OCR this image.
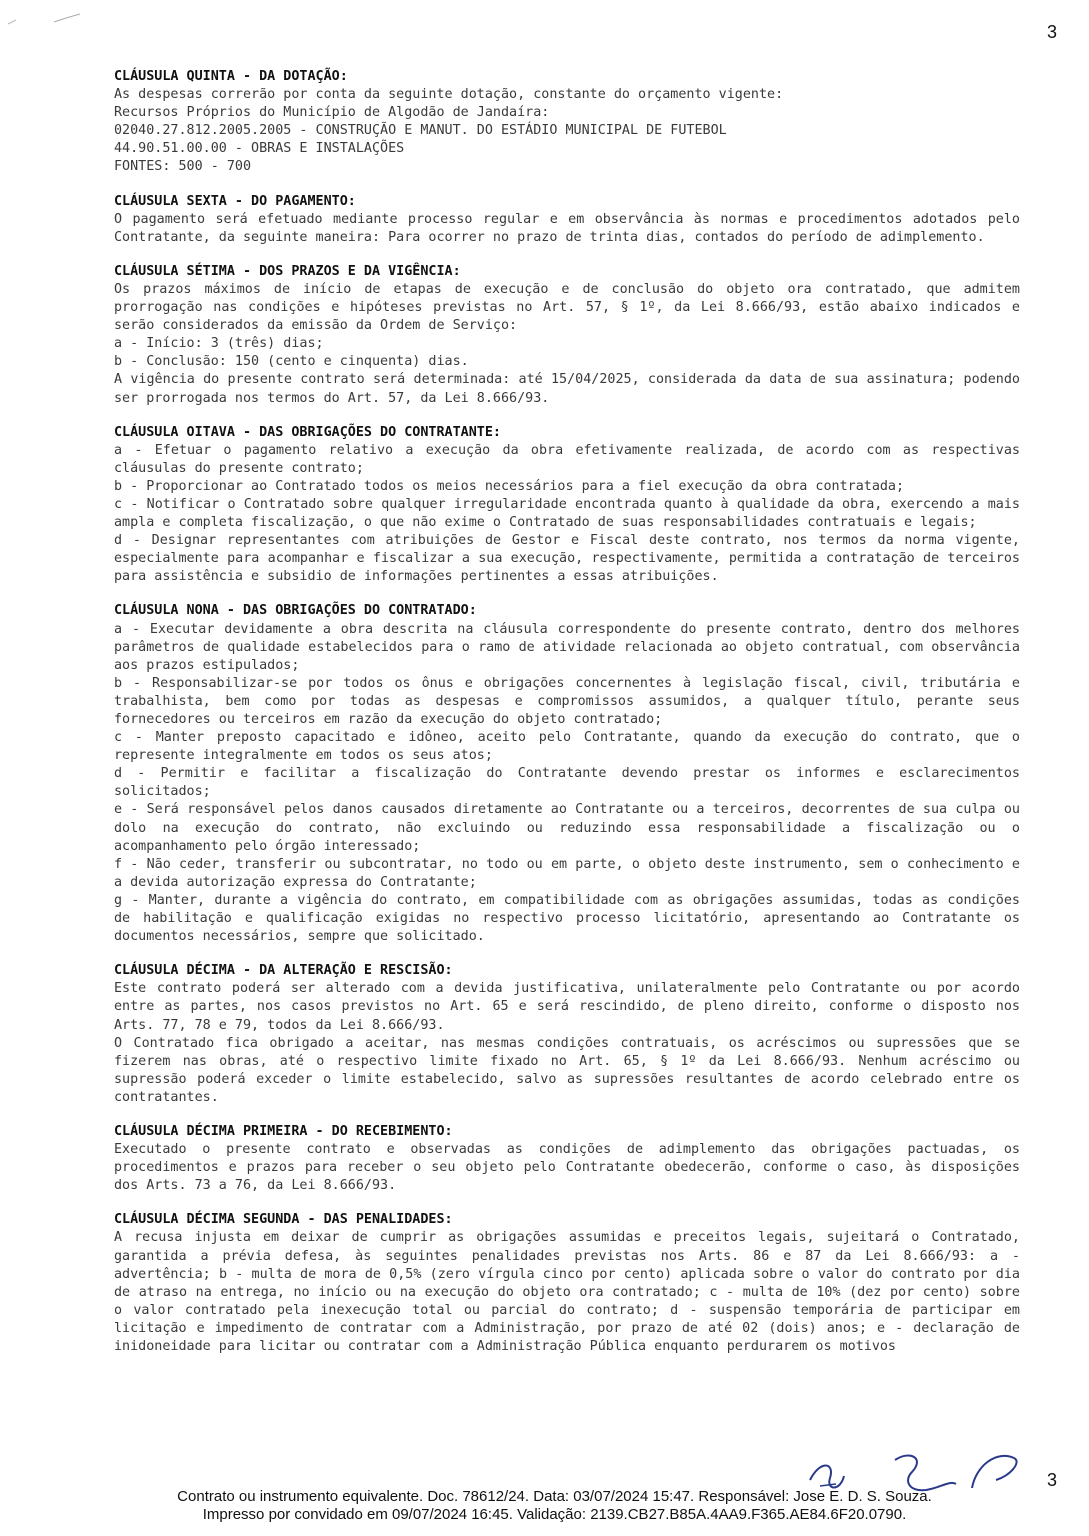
3
CLÁUSULA QUINTA - DA DOTAÇÃO:

As despesas correrão por conta da seguinte dotação, constante do orçamento vigente:

Recursos Próprios do Município de Algodão de Jandaíra:

02040.27.812.2005.2005 - CONSTRUÇÃO E MANUT. DO ESTÁDIO MUNICIPAL DE FUTEBOL

44.90.51.00.00 - OBRAS E INSTALAÇÕES

FONTES: 500 - 700

CLÁUSULA SEXTA - DO PAGAMENTO:

O pagamento será efetuado mediante processo regular e em observância às normas e procedimentos adotados pelo Contratante, da seguinte maneira: Para ocorrer no prazo de trinta dias, contados do período de adimplemento.

CLÁUSULA SÉTIMA - DOS PRAZOS E DA VIGÊNCIA:

Os prazos máximos de início de etapas de execução e de conclusão do objeto ora contratado, que admitem prorrogação nas condições e hipóteses previstas no Art. 57, § 1º, da Lei 8.666/93, estão abaixo indicados e serão considerados da emissão da Ordem de Serviço:

a - Início: 3 (três) dias;

b - Conclusão: 150 (cento e cinquenta) dias.

A vigência do presente contrato será determinada: até 15/04/2025, considerada da data de sua assinatura; podendo ser prorrogada nos termos do Art. 57, da Lei 8.666/93.

CLÁUSULA OITAVA - DAS OBRIGAÇÕES DO CONTRATANTE:

a - Efetuar o pagamento relativo a execução da obra efetivamente realizada, de acordo com as respectivas cláusulas do presente contrato;

b - Proporcionar ao Contratado todos os meios necessários para a fiel execução da obra contratada;

c - Notificar o Contratado sobre qualquer irregularidade encontrada quanto à qualidade da obra, exercendo a mais ampla e completa fiscalização, o que não exime o Contratado de suas responsabilidades contratuais e legais;

d - Designar representantes com atribuições de Gestor e Fiscal deste contrato, nos termos da norma vigente, especialmente para acompanhar e fiscalizar a sua execução, respectivamente, permitida a contratação de terceiros para assistência e subsidio de informações pertinentes a essas atribuições.

CLÁUSULA NONA - DAS OBRIGAÇÕES DO CONTRATADO:

a - Executar devidamente a obra descrita na cláusula correspondente do presente contrato, dentro dos melhores parâmetros de qualidade estabelecidos para o ramo de atividade relacionada ao objeto contratual, com observância aos prazos estipulados;

b - Responsabilizar-se por todos os ônus e obrigações concernentes à legislação fiscal, civil, tributária e trabalhista, bem como por todas as despesas e compromissos assumidos, a qualquer título, perante seus fornecedores ou terceiros em razão da execução do objeto contratado;

c - Manter preposto capacitado e idôneo, aceito pelo Contratante, quando da execução do contrato, que o represente integralmente em todos os seus atos;

d - Permitir e facilitar a fiscalização do Contratante devendo prestar os informes e esclarecimentos solicitados;

e - Será responsável pelos danos causados diretamente ao Contratante ou a terceiros, decorrentes de sua culpa ou dolo na execução do contrato, não excluindo ou reduzindo essa responsabilidade a fiscalização ou o acompanhamento pelo órgão interessado;

f - Não ceder, transferir ou subcontratar, no todo ou em parte, o objeto deste instrumento, sem o conhecimento e a devida autorização expressa do Contratante;

g - Manter, durante a vigência do contrato, em compatibilidade com as obrigações assumidas, todas as condições de habilitação e qualificação exigidas no respectivo processo licitatório, apresentando ao Contratante os documentos necessários, sempre que solicitado.

CLÁUSULA DÉCIMA - DA ALTERAÇÃO E RESCISÃO:

Este contrato poderá ser alterado com a devida justificativa, unilateralmente pelo Contratante ou por acordo entre as partes, nos casos previstos no Art. 65 e será rescindido, de pleno direito, conforme o disposto nos Arts. 77, 78 e 79, todos da Lei 8.666/93.

O Contratado fica obrigado a aceitar, nas mesmas condições contratuais, os acréscimos ou supressões que se fizerem nas obras, até o respectivo limite fixado no Art. 65, § 1º da Lei 8.666/93. Nenhum acréscimo ou supressão poderá exceder o limite estabelecido, salvo as supressões resultantes de acordo celebrado entre os contratantes.

CLÁUSULA DÉCIMA PRIMEIRA - DO RECEBIMENTO:

Executado o presente contrato e observadas as condições de adimplemento das obrigações pactuadas, os procedimentos e prazos para receber o seu objeto pelo Contratante obedecerão, conforme o caso, às disposições dos Arts. 73 a 76, da Lei 8.666/93.

CLÁUSULA DÉCIMA SEGUNDA - DAS PENALIDADES:

A recusa injusta em deixar de cumprir as obrigações assumidas e preceitos legais, sujeitará o Contratado, garantida a prévia defesa, às seguintes penalidades previstas nos Arts. 86 e 87 da Lei 8.666/93: a - advertência; b - multa de mora de 0,5% (zero vírgula cinco por cento) aplicada sobre o valor do contrato por dia de atraso na entrega, no início ou na execução do objeto ora contratado; c - multa de 10% (dez por cento) sobre o valor contratado pela inexecução total ou parcial do contrato; d - suspensão temporária de participar em licitação e impedimento de contratar com a Administração, por prazo de até 02 (dois) anos; e - declaração de inidoneidade para licitar ou contratar com a Administração Pública enquanto perdurarem os motivos

3
Contrato ou instrumento equivalente. Doc. 78612/24. Data: 03/07/2024 15:47. Responsável: Jose E. D. S. Souza.
Impresso por convidado em 09/07/2024 16:45. Validação: 2139.CB27.B85A.4AA9.F365.AE84.6F20.0790.
